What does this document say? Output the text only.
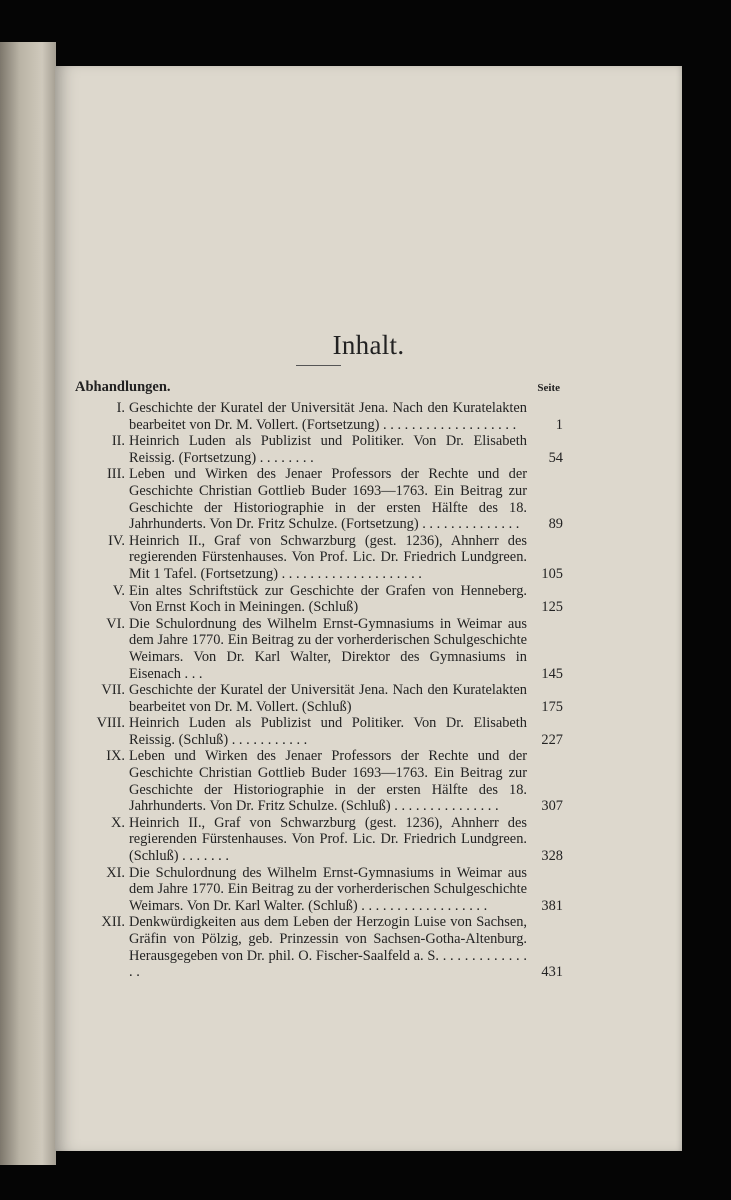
Inhalt.
Abhandlungen.	Seite
I. Geschichte der Kuratel der Universität Jena. Nach den Kuratelakten bearbeitet von Dr. M. Vollert. (Fortsetzung) . . . . . . . . . . . . . . . . . . .	1
II. Heinrich Luden als Publizist und Politiker. Von Dr. Elisabeth Reissig. (Fortsetzung) . . . . . . . .	54
III. Leben und Wirken des Jenaer Professors der Rechte und der Geschichte Christian Gottlieb Buder 1693—1763. Ein Beitrag zur Geschichte der Historiographie in der ersten Hälfte des 18. Jahrhunderts. Von Dr. Fritz Schulze. (Fortsetzung) . . . . . . . . . . . . . .	89
IV. Heinrich II., Graf von Schwarzburg (gest. 1236), Ahnherr des regierenden Fürstenhauses. Von Prof. Lic. Dr. Friedrich Lundgreen. Mit 1 Tafel. (Fortsetzung) . . . . . . . . . . . . . . . . . . . .	105
V. Ein altes Schriftstück zur Geschichte der Grafen von Henneberg. Von Ernst Koch in Meiningen. (Schluß)	125
VI. Die Schulordnung des Wilhelm Ernst-Gymnasiums in Weimar aus dem Jahre 1770. Ein Beitrag zu der vorherderischen Schulgeschichte Weimars. Von Dr. Karl Walter, Direktor des Gymnasiums in Eisenach . . .	145
VII. Geschichte der Kuratel der Universität Jena. Nach den Kuratelakten bearbeitet von Dr. M. Vollert. (Schluß)	175
VIII. Heinrich Luden als Publizist und Politiker. Von Dr. Elisabeth Reissig. (Schluß) . . . . . . . . . . .	227
IX. Leben und Wirken des Jenaer Professors der Rechte und der Geschichte Christian Gottlieb Buder 1693—1763. Ein Beitrag zur Geschichte der Historiographie in der ersten Hälfte des 18. Jahrhunderts. Von Dr. Fritz Schulze. (Schluß) . . . . . . . . . . . . . . .	307
X. Heinrich II., Graf von Schwarzburg (gest. 1236), Ahnherr des regierenden Fürstenhauses. Von Prof. Lic. Dr. Friedrich Lundgreen. (Schluß) . . . . . . .	328
XI. Die Schulordnung des Wilhelm Ernst-Gymnasiums in Weimar aus dem Jahre 1770. Ein Beitrag zu der vorherderischen Schulgeschichte Weimars. Von Dr. Karl Walter. (Schluß) . . . . . . . . . . . . . . . . . .	381
XII. Denkwürdigkeiten aus dem Leben der Herzogin Luise von Sachsen, Gräfin von Pölzig, geb. Prinzessin von Sachsen-Gotha-Altenburg. Herausgegeben von Dr. phil. O. Fischer-Saalfeld a. S. . . . . . . . . . . . . . .	431
